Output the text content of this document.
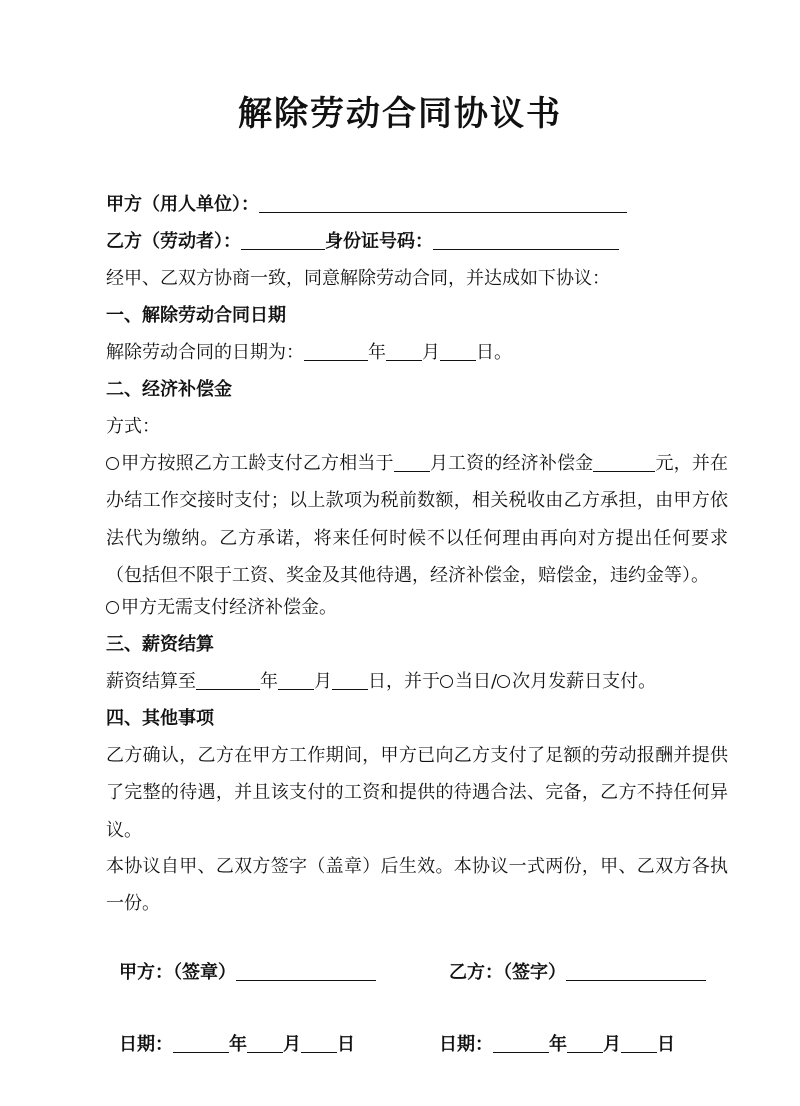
解除劳动合同协议书
甲方（用人单位）：
乙方（劳动者）：	身份证号码：
经甲、乙双方协商一致，同意解除劳动合同，并达成如下协议：
一、解除劳动合同日期
解除劳动合同的日期为：	年 月 日。
二、经济补偿金
方式：
甲方按照乙方工龄支付乙方相当于 月工资的经济补偿金	元，并在办结工作交接时支付；以上款项为税前数额，相关税收由乙方承担，由甲方依法代为缴纳。乙方承诺，将来任何时候不以任何理由再向对方提出任何要求（包括但不限于工资、奖金及其他待遇，经济补偿金，赔偿金，违约金等）。
甲方无需支付经济补偿金。
三、薪资结算
薪资结算至	年 月 日，并于 当日/ 次月发薪日支付。
四、其他事项
乙方确认，乙方在甲方工作期间，甲方已向乙方支付了足额的劳动报酬并提供了完整的待遇，并且该支付的工资和提供的待遇合法、完备，乙方不持任何异议。
本协议自甲、乙双方签字（盖章）后生效。本协议一式两份，甲、乙双方各执一份。
甲方：（签章）	乙方：（签字）
日期：	年 月 日	日期：	年 月 日
